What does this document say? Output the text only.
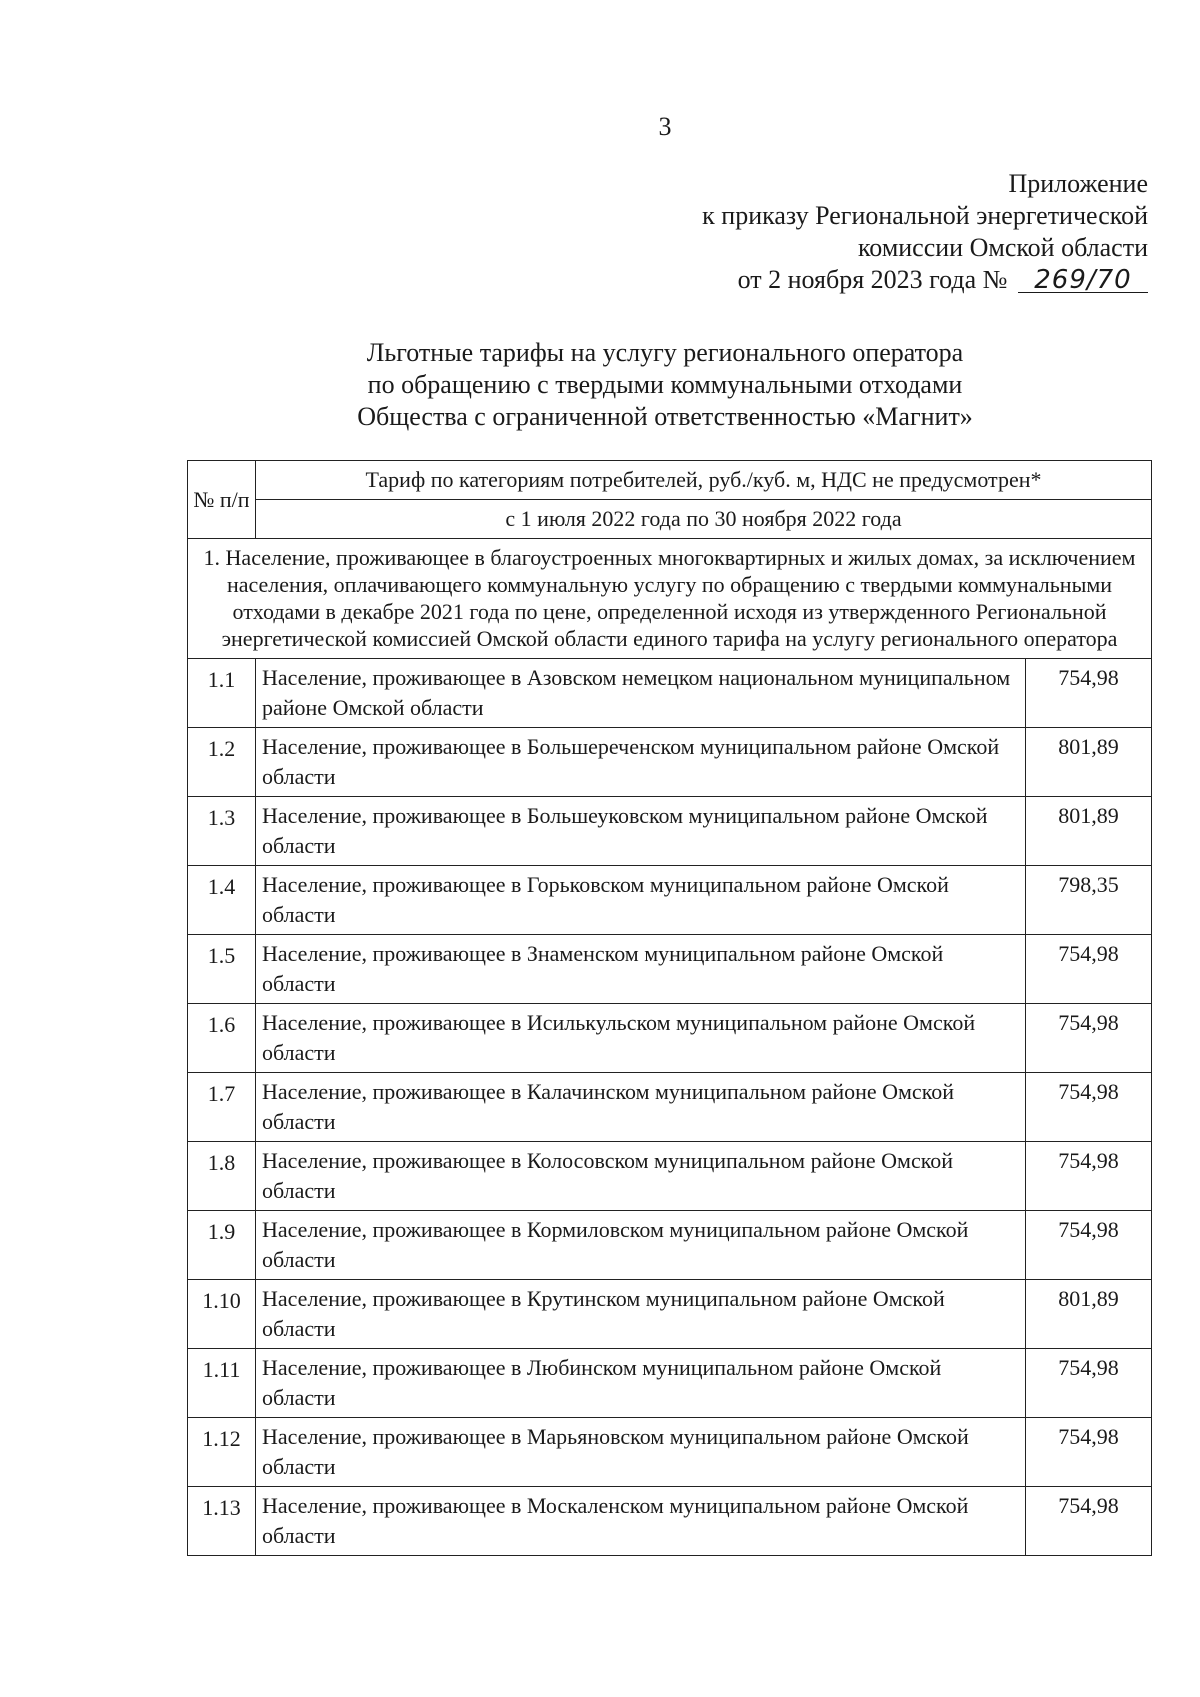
3
Приложение
к приказу Региональной энергетической
комиссии Омской области
от 2 ноября 2023 года № 269/70
Льготные тарифы на услугу регионального оператора
по обращению с твердыми коммунальными отходами
Общества с ограниченной ответственностью «Магнит»
№ п/п	Тариф по категориям потребителей, руб./куб. м, НДС не предусмотрен*	
	с 1 июля 2022 года по 30 ноября 2022 года	
1. Население, проживающее в благоустроенных многоквартирных и жилых домах, за исключением населения, оплачивающего коммунальную услугу по обращению с твердыми коммунальными отходами в декабре 2021 года по цене, определенной исходя из утвержденного Региональной энергетической комиссией Омской области единого тарифа на услугу регионального оператора		
1.1	Население, проживающее в Азовском немецком национальном муниципальном районе Омской области	754,98
1.2	Население, проживающее в Большереченском муниципальном районе Омской области	801,89
1.3	Население, проживающее в Большеуковском муниципальном районе Омской области	801,89
1.4	Население, проживающее в Горьковском муниципальном районе Омской области	798,35
1.5	Население, проживающее в Знаменском муниципальном районе Омской области	754,98
1.6	Население, проживающее в Исилькульском муниципальном районе Омской области	754,98
1.7	Население, проживающее в Калачинском муниципальном районе Омской области	754,98
1.8	Население, проживающее в Колосовском муниципальном районе Омской области	754,98
1.9	Население, проживающее в Кормиловском муниципальном районе Омской области	754,98
1.10	Население, проживающее в Крутинском муниципальном районе Омской области	801,89
1.11	Население, проживающее в Любинском муниципальном районе Омской области	754,98
1.12	Население, проживающее в Марьяновском муниципальном районе Омской области	754,98
1.13	Население, проживающее в Москаленском муниципальном районе Омской области	754,98
